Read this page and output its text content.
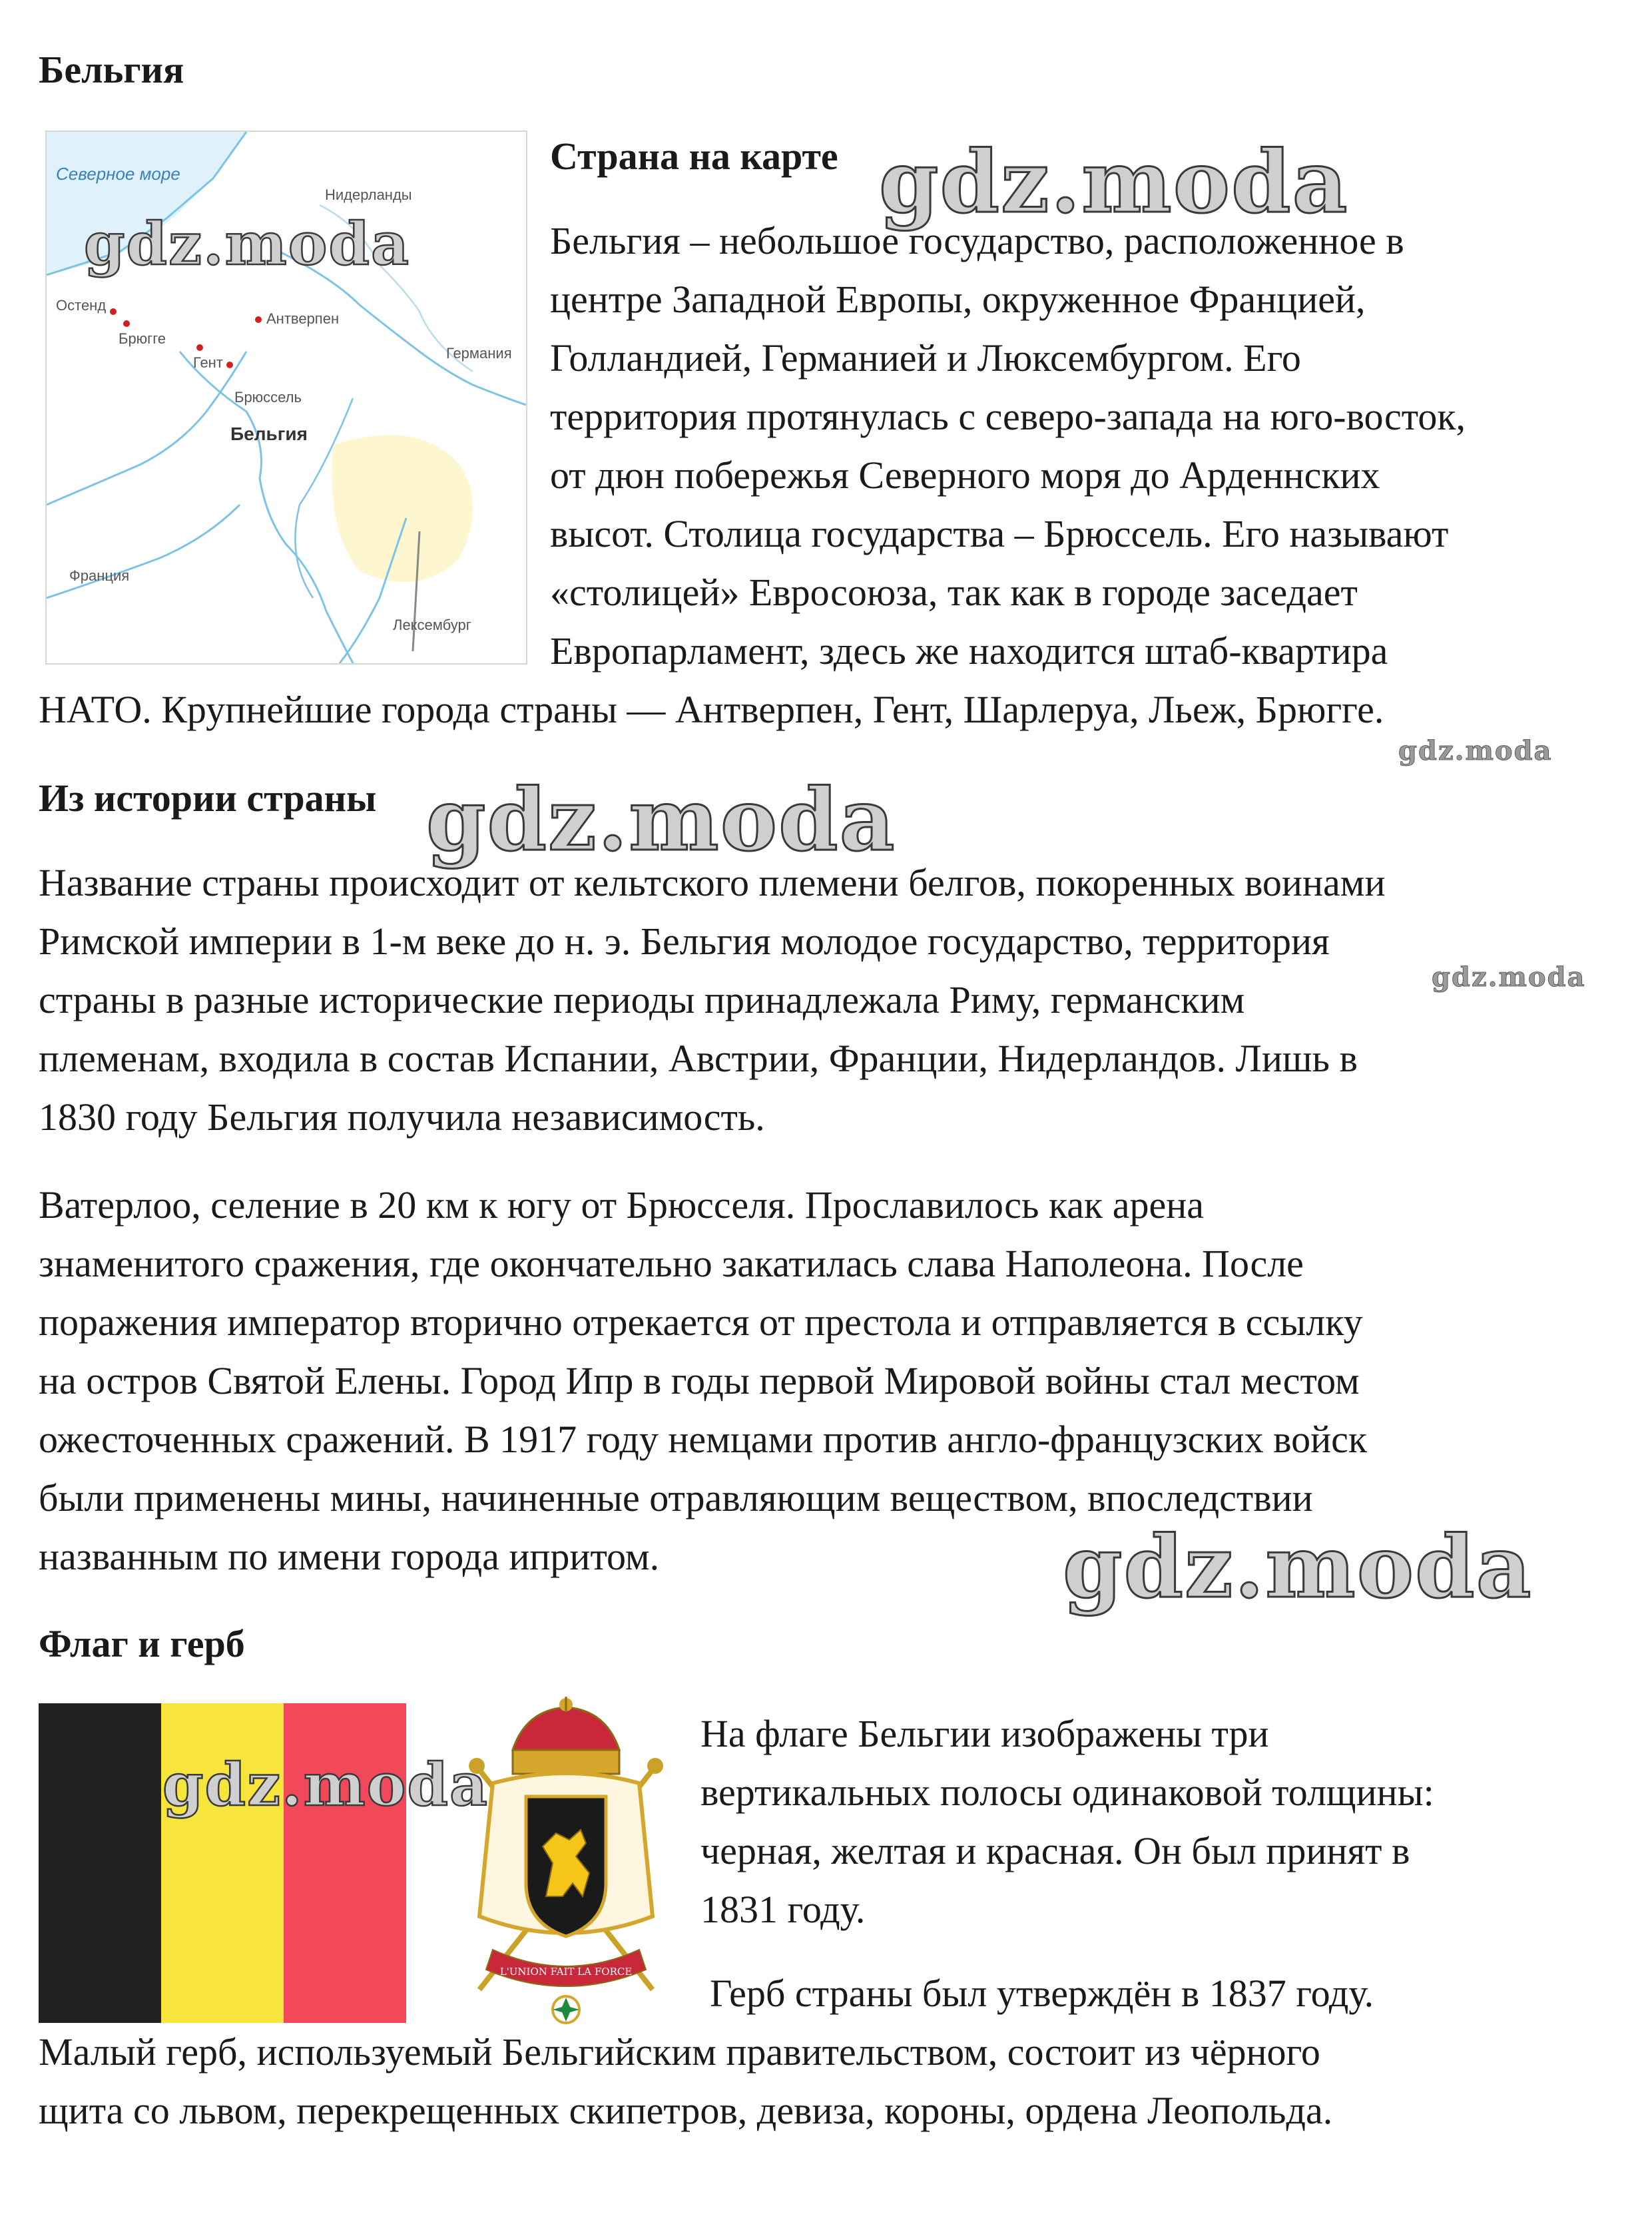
Бельгия
Северное море
Нидерланды
Остенд
Брюгге
Антверпен
Германия
Гент
Брюссель
Бельгия
Франция
Лексембург
Страна на карте
Бельгия – небольшое государство, расположенное в
центре Западной Европы, окруженное Францией,
Голландией, Германией и Люксембургом. Его
территория протянулась с северо-запада на юго-восток,
от дюн побережья Северного моря до Арденнских
высот. Столица государства – Брюссель. Его называют
«столицей» Евросоюза, так как в городе заседает
Европарламент, здесь же находится штаб-квартира
НАТО. Крупнейшие города страны — Антверпен, Гент, Шарлеруа, Льеж, Брюгге.
Из истории страны
Название страны происходит от кельтского племени белгов, покоренных воинами
Римской империи в 1-м веке до н. э. Бельгия молодое государство, территория
страны в разные исторические периоды принадлежала Риму, германским
племенам, входила в состав Испании, Австрии, Франции, Нидерландов. Лишь в
1830 году Бельгия получила независимость.
Ватерлоо, селение в 20 км к югу от Брюсселя. Прославилось как арена
знаменитого сражения, где окончательно закатилась слава Наполеона. После
поражения император вторично отрекается от престола и отправляется в ссылку
на остров Святой Елены. Город Ипр в годы первой Мировой войны стал местом
ожесточенных сражений. В 1917 году немцами против англо-французских войск
были применены мины, начиненные отравляющим веществом, впоследствии
названным по имени города ипритом.
Флаг и герб
L'UNION FAIT LA FORCE
На флаге Бельгии изображены три
вертикальных полосы одинаковой толщины:
черная, желтая и красная. Он был принят в
1831 году.
Герб страны был утверждён в 1837 году.
Малый герб, используемый Бельгийским правительством, состоит из чёрного
щита со львом, перекрещенных скипетров, девиза, короны, ордена Леопольда.
gdz.moda
gdz.moda
gdz.moda
gdz.moda
gdz.moda
gdz.moda
gdz.moda
